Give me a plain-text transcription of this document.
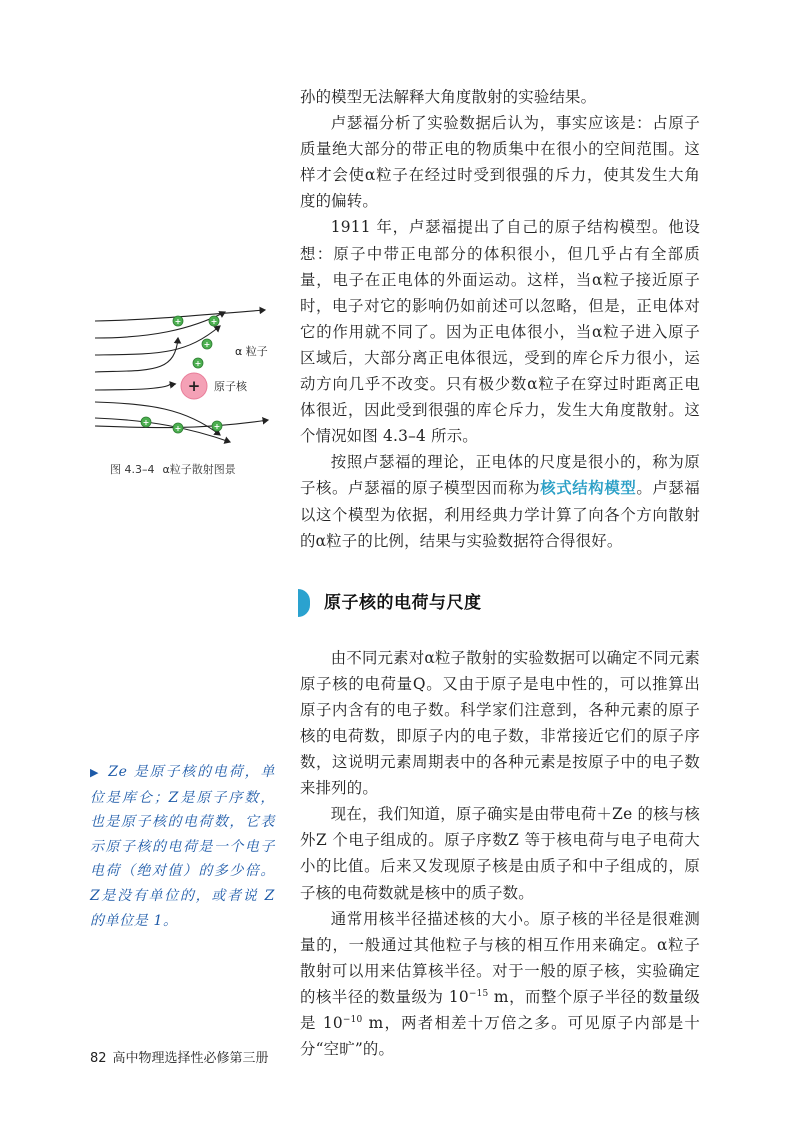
孙的模型无法解释大角度散射的实验结果。

卢瑟福分析了实验数据后认为，事实应该是：占原子质量绝大部分的带正电的物质集中在很小的空间范围。这样才会使α粒子在经过时受到很强的斥力，使其发生大角度的偏转。

1911 年，卢瑟福提出了自己的原子结构模型。他设想：原子中带正电部分的体积很小，但几乎占有全部质量，电子在正电体的外面运动。这样，当α粒子接近原子时，电子对它的影响仍如前述可以忽略，但是，正电体对它的作用就不同了。因为正电体很小，当α粒子进入原子区域后，大部分离正电体很远，受到的库仑斥力很小，运动方向几乎不改变。只有极少数α粒子在穿过时距离正电体很近，因此受到很强的库仑斥力，发生大角度散射。这个情况如图 4.3–4 所示。

按照卢瑟福的理论，正电体的尺度是很小的，称为原子核。卢瑟福的原子模型因而称为核式结构模型。卢瑟福以这个模型为依据，利用经典力学计算了向各个方向散射的α粒子的比例，结果与实验数据符合得很好。

原子核的电荷与尺度

由不同元素对α粒子散射的实验数据可以确定不同元素原子核的电荷量Q。又由于原子是电中性的，可以推算出原子内含有的电子数。科学家们注意到，各种元素的原子核的电荷数，即原子内的电子数，非常接近它们的原子序数，这说明元素周期表中的各种元素是按原子中的电子数来排列的。

现在，我们知道，原子确实是由带电荷＋Ze 的核与核外Z 个电子组成的。原子序数Z 等于核电荷与电子电荷大小的比值。后来又发现原子核是由质子和中子组成的，原子核的电荷数就是核中的质子数。

通常用核半径描述核的大小。原子核的半径是很难测量的，一般通过其他粒子与核的相互作用来确定。α粒子散射可以用来估算核半径。对于一般的原子核，实验确定的核半径的数量级为 $10^{-15}$ m，而整个原子半径的数量级是 $10^{-10}$ m，两者相差十万倍之多。可见原子内部是十分“空旷”的。

+
+	+
+
+
+
+	+
α 粒子
原子核
图 4.3–4 α粒子散射图景
▶ Ze 是原子核的电荷，单位是库仑；Z是原子序数，也是原子核的电荷数，它表示原子核的电荷是一个电子电荷（绝对值）的多少倍。Z是没有单位的，或者说 Z 的单位是 1。
82 高中物理选择性必修第三册
